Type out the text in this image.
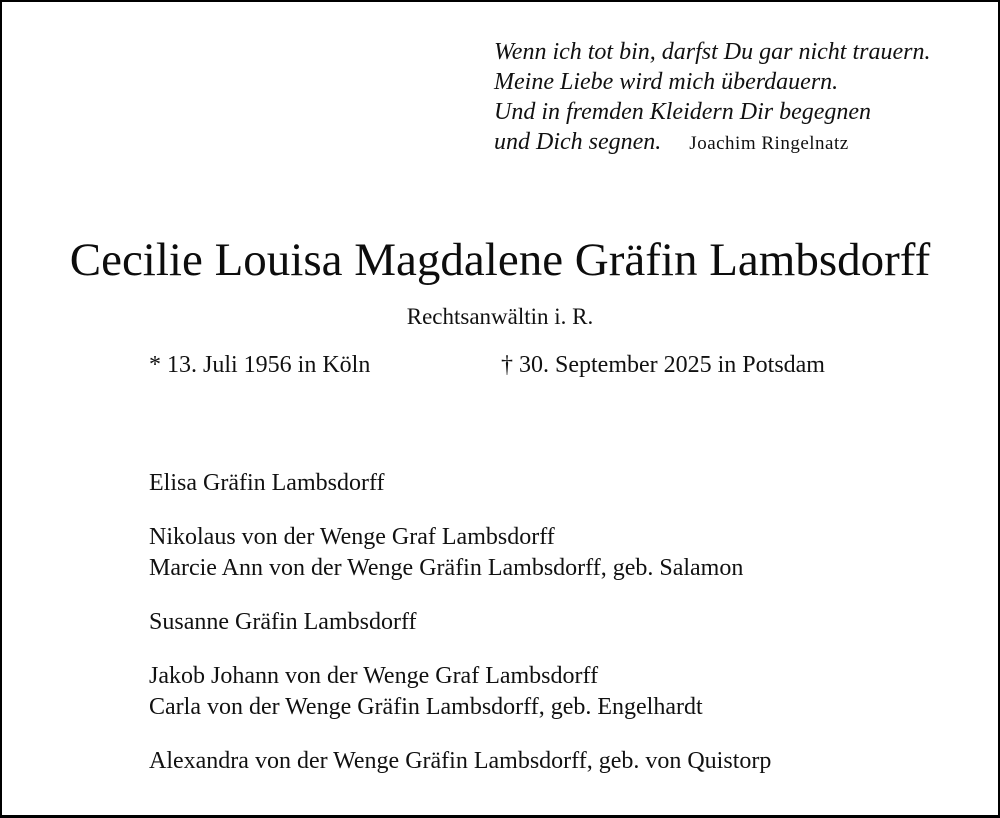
Wenn ich tot bin, darfst Du gar nicht trauern.
Meine Liebe wird mich überdauern.
Und in fremden Kleidern Dir begegnen
und Dich segnen. Joachim Ringelnatz
Cecilie Louisa Magdalene Gräfin Lambsdorff
Rechtsanwältin i. R.
* 13. Juli 1956 in Köln	† 30. September 2025 in Potsdam
Elisa Gräfin Lambsdorff
Nikolaus von der Wenge Graf Lambsdorff
Marcie Ann von der Wenge Gräfin Lambsdorff, geb. Salamon
Susanne Gräfin Lambsdorff
Jakob Johann von der Wenge Graf Lambsdorff
Carla von der Wenge Gräfin Lambsdorff, geb. Engelhardt
Alexandra von der Wenge Gräfin Lambsdorff, geb. von Quistorp
